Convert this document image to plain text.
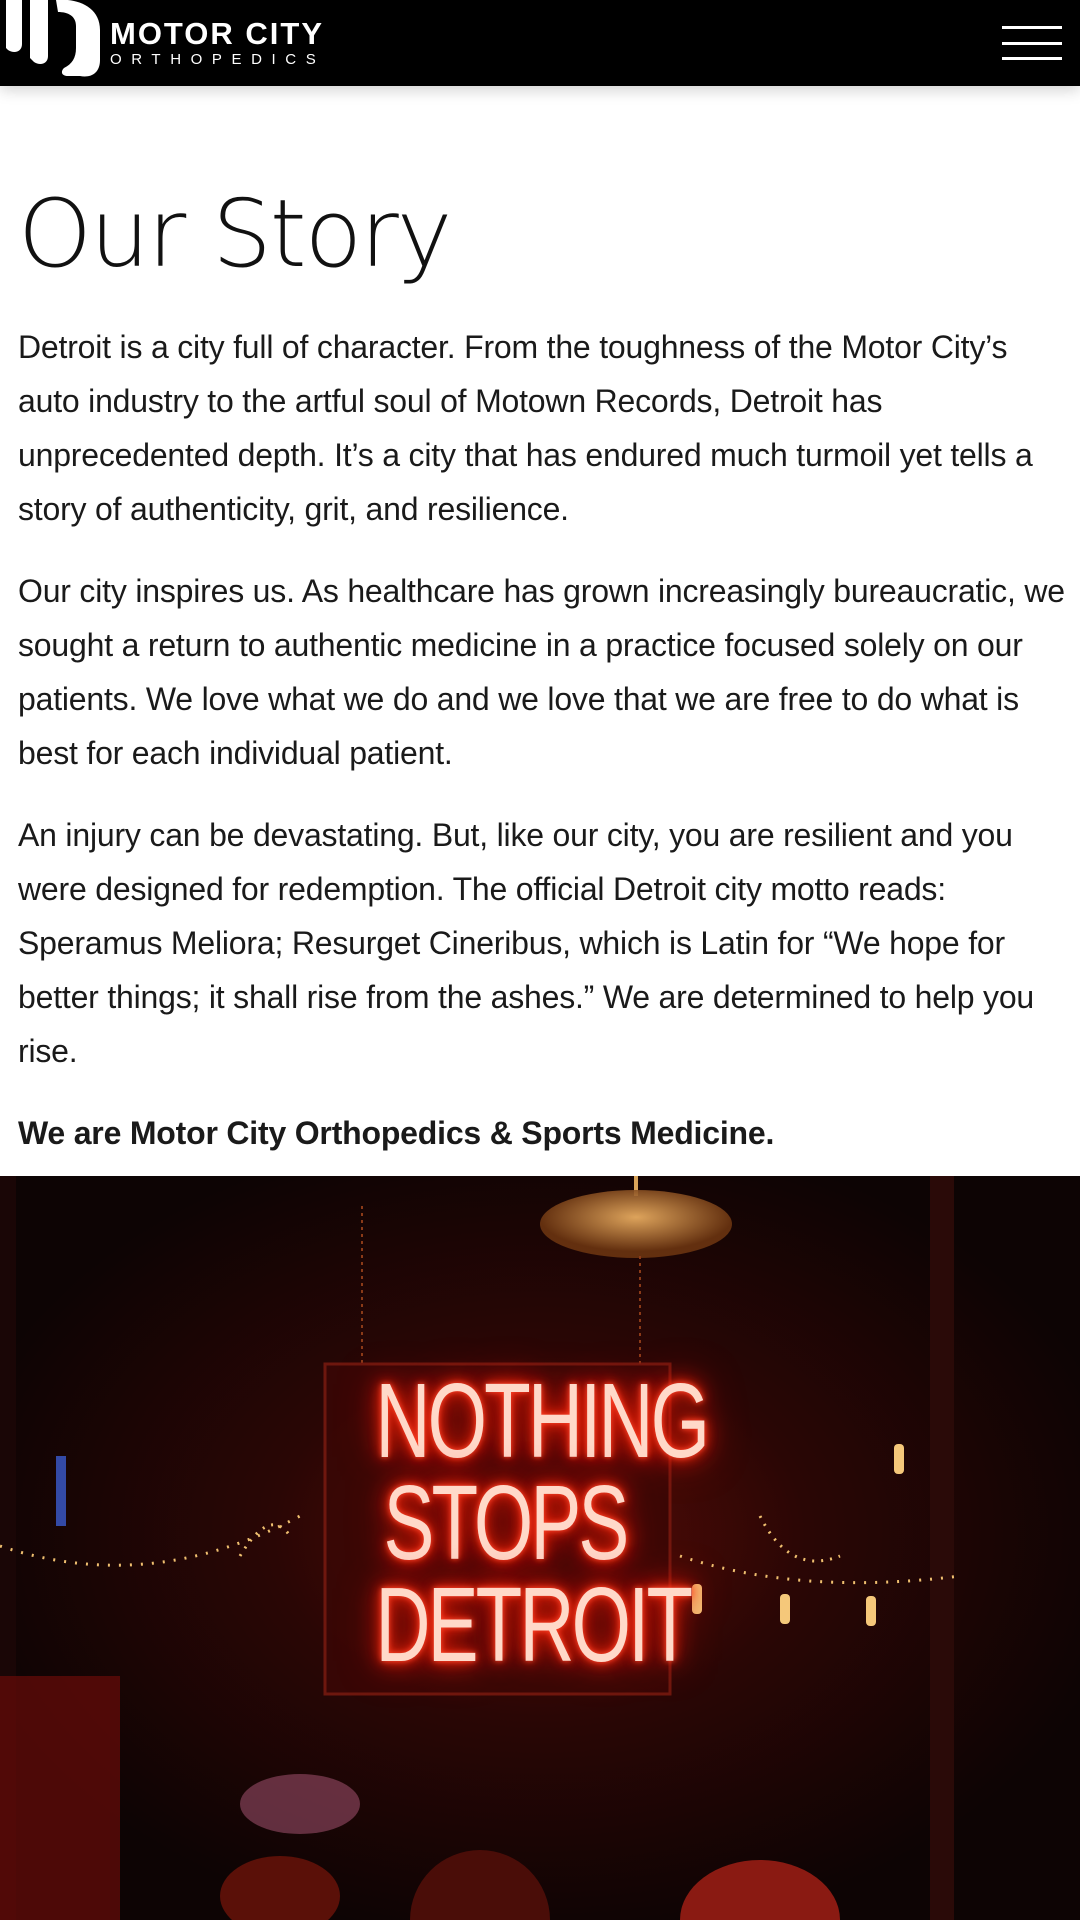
MOTOR CITY
ORTHOPEDICS
Our Story

Detroit is a city full of character. From the toughness of the Motor City’s auto industry to the artful soul of Motown Records, Detroit has unprecedented depth. It’s a city that has endured much turmoil yet tells a story of authenticity, grit, and resilience.

Our city inspires us. As healthcare has grown increasingly bureaucratic, we sought a return to authentic medicine in a practice focused solely on our patients. We love what we do and we love that we are free to do what is best for each individual patient.

An injury can be devastating. But, like our city, you are resilient and you were designed for redemption. The official Detroit city motto reads: Speramus Meliora; Resurget Cineribus, which is Latin for “We hope for better things; it shall rise from the ashes.” We are determined to help you rise.

We are Motor City Orthopedics & Sports Medicine.

NOTHING
STOPS
DETROIT
